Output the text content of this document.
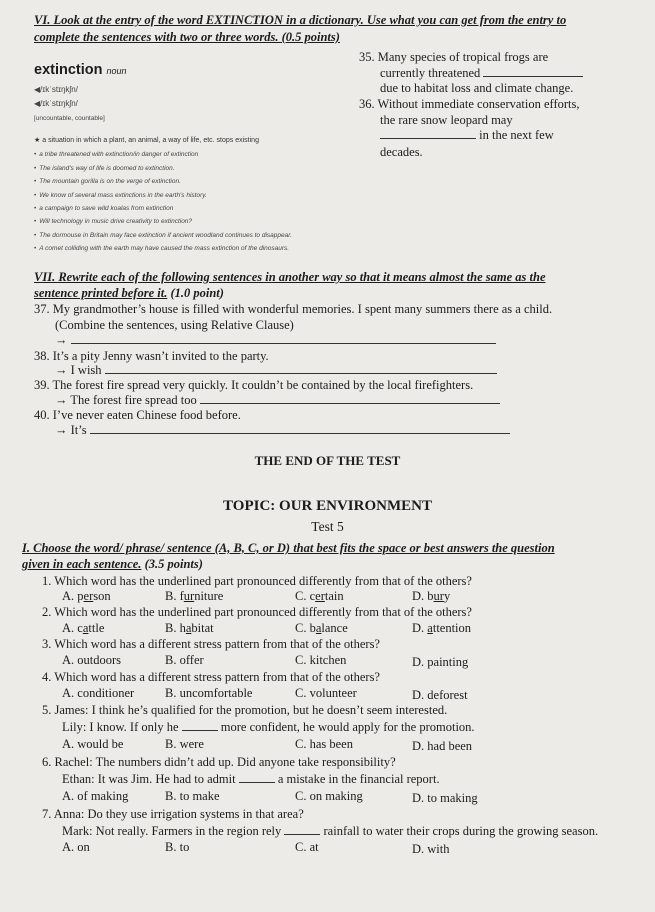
VI. Look at the entry of the word EXTINCTION in a dictionary. Use what you can get from the entry to
complete the sentences with two or three words. (0.5 points)
extinction noun
◀/ɪkˈstɪŋkʃn/
◀/ɪkˈstɪŋkʃn/
[uncountable, countable]
★ a situation in which a plant, an animal, a way of life, etc. stops existing
• a tribe threatened with extinction/in danger of extinction
• The island's way of life is doomed to extinction.
• The mountain gorilla is on the verge of extinction.
• We know of several mass extinctions in the earth's history.
• a campaign to save wild koalas from extinction
• Will technology in music drive creativity to extinction?
• The dormouse in Britain may face extinction if ancient woodland continues to disappear.
• A comet colliding with the earth may have caused the mass extinction of the dinosaurs.
35. Many species of tropical frogs are
currently threatened
due to habitat loss and climate change.
36. Without immediate conservation efforts,
the rare snow leopard may
in the next few
decades.
VII. Rewrite each of the following sentences in another way so that it means almost the same as the
sentence printed before it. (1.0 point)
37. My grandmother’s house is filled with wonderful memories. I spent many summers there as a child.
(Combine the sentences, using Relative Clause)
→
38. It’s a pity Jenny wasn’t invited to the party.
→ I wish
39. The forest fire spread very quickly. It couldn’t be contained by the local firefighters.
→ The forest fire spread too
40. I’ve never eaten Chinese food before.
→ It’s
THE END OF THE TEST
TOPIC: OUR ENVIRONMENT
Test 5
I. Choose the word/ phrase/ sentence (A, B, C, or D) that best fits the space or best answers the question
given in each sentence. (3.5 points)
1. Which word has the underlined part pronounced differently from that of the others?
A. person	B. furniture	C. certain	D. bury
2. Which word has the underlined part pronounced differently from that of the others?
A. cattle	B. habitat	C. balance	D. attention
3. Which word has a different stress pattern from that of the others?
A. outdoors	B. offer	C. kitchen	D. painting
4. Which word has a different stress pattern from that of the others?
A. conditioner B. uncomfortable	C. volunteer	D. deforest
5. James: I think he’s qualified for the promotion, but he doesn’t seem interested.
Lily: I know. If only he	more confident, he would apply for the promotion.
A. would be	B. were	C. has been	D. had been
6. Rachel: The numbers didn’t add up. Did anyone take responsibility?
Ethan: It was Jim. He had to admit	a mistake in the financial report.
A. of making	B. to make	C. on making	D. to making
7. Anna: Do they use irrigation systems in that area?
Mark: Not really. Farmers in the region rely	rainfall to water their crops during the growing season.
A. on	B. to	C. at	D. with
